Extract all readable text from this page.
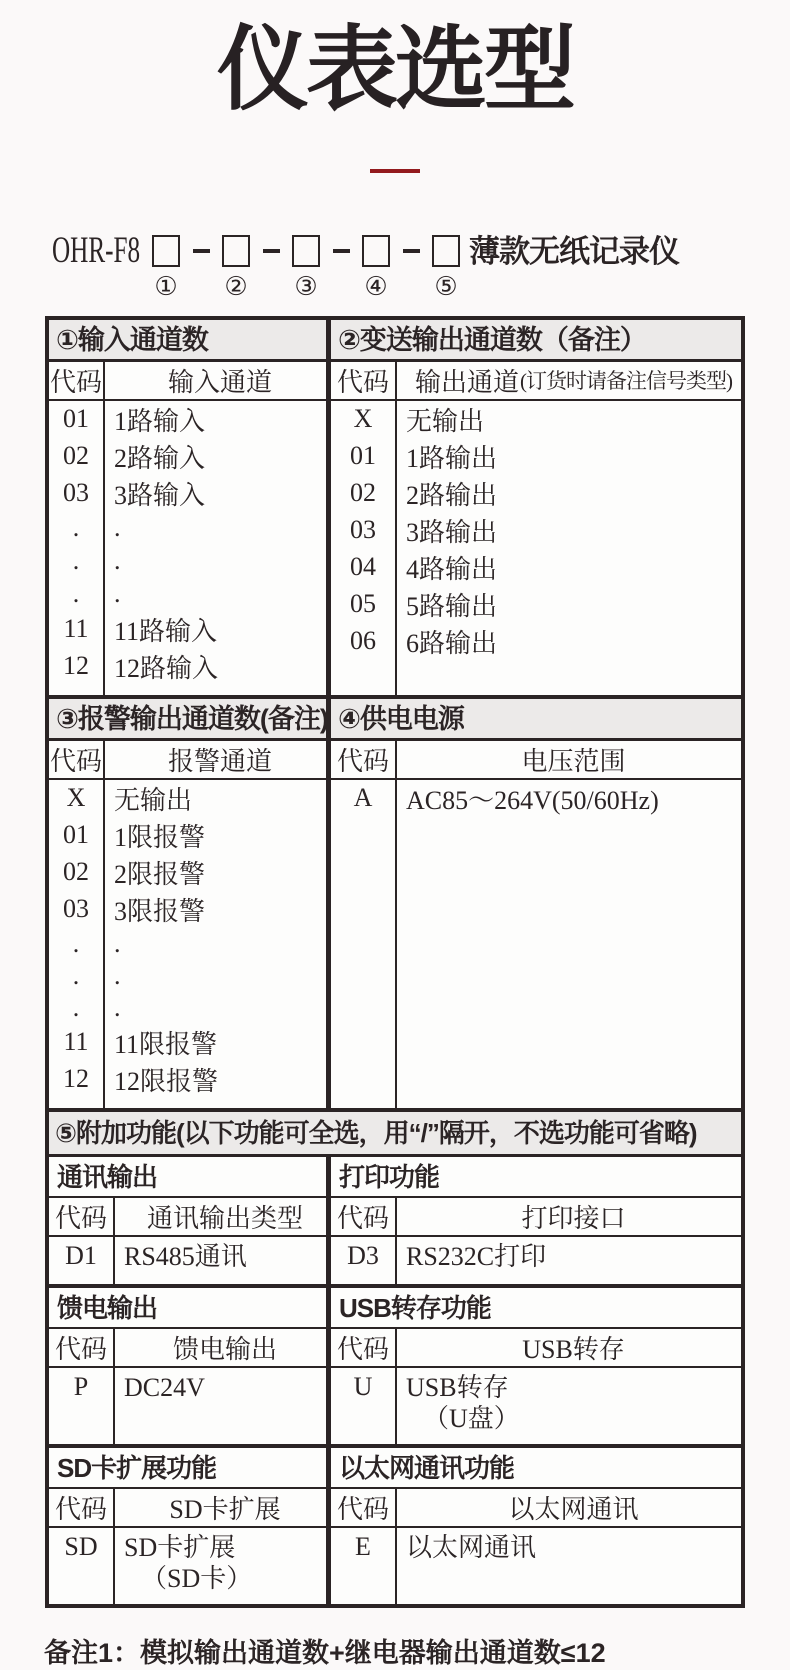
仪表选型
OHR-F8
① ② ③ ④ ⑤
薄款无纸记录仪
①输入通道数
代码	输入通道
01 1路输入
02 2路输入
03 3路输入
.	.
.	.
.	.
11 11路输入
12 12路输入
②变送输出通道数（备注）
代码 输出通道 (订货时请备注信号类型)
X	无输出
01	1路输出
02	2路输出
03	3路输出
04	4路输出
05	5路输出
06	6路输出
③报警输出通道数(备注)
代码	报警通道
X	无输出
01 1限报警
02 2限报警
03 3限报警
.	.
.	.
.	.
11 11限报警
12 12限报警
④供电电源
代码	电压范围
A	AC85～264V(50/60Hz)
⑤附加功能(以下功能可全选，用“/”隔开，不选功能可省略)
通讯输出
代码	通讯输出类型
D1	RS485通讯
打印功能
代码	打印接口
D3	RS232C打印
馈电输出
代码	馈电输出
P	DC24V
USB转存功能
代码	USB转存
U	USB转存
（U盘）
SD卡扩展功能
代码	SD卡扩展
SD	SD卡扩展
（SD卡）
以太网通讯功能
代码	以太网通讯
E	以太网通讯
备注1：模拟输出通道数+继电器输出通道数≤12
